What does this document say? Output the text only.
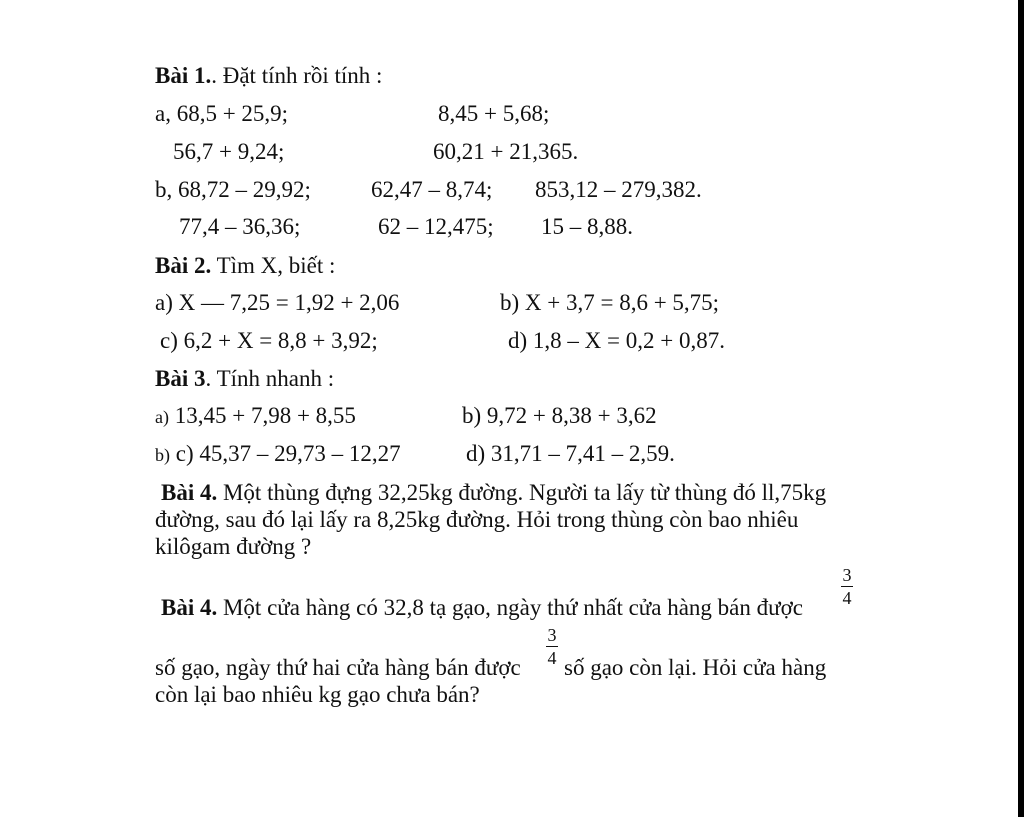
Bài 1.. Đặt tính rồi tính :
a, 68,5 + 25,9;	8,45 + 5,68;
56,7 + 9,24;	60,21 + 21,365.
b, 68,72 – 29,92;	62,47 – 8,74; 853,12 – 279,382.
77,4 – 36,36;	62 – 12,475; 15 – 8,88.
Bài 2. Tìm X, biết :
a) X — 7,25 = 1,92 + 2,06	b) X + 3,7 = 8,6 + 5,75;
c) 6,2 + X = 8,8 + 3,92;	d) 1,8 – X = 0,2 + 0,87.
Bài 3. Tính nhanh :
a) 13,45 + 7,98 + 8,55	b) 9,72 + 8,38 + 3,62
b) c) 45,37 – 29,73 – 12,27	d) 31,71 – 7,41 – 2,59.
Bài 4. Một thùng đựng 32,25kg đường. Người ta lấy từ thùng đó ll,75kg
đường, sau đó lại lấy ra 8,25kg đường. Hỏi trong thùng còn bao nhiêu
kilôgam đường ?
3
4
Bài 4. Một cửa hàng có 32,8 tạ gạo, ngày thứ nhất cửa hàng bán được
3
4
số gạo, ngày thứ hai cửa hàng bán được số gạo còn lại. Hỏi cửa hàng
còn lại bao nhiêu kg gạo chưa bán?
